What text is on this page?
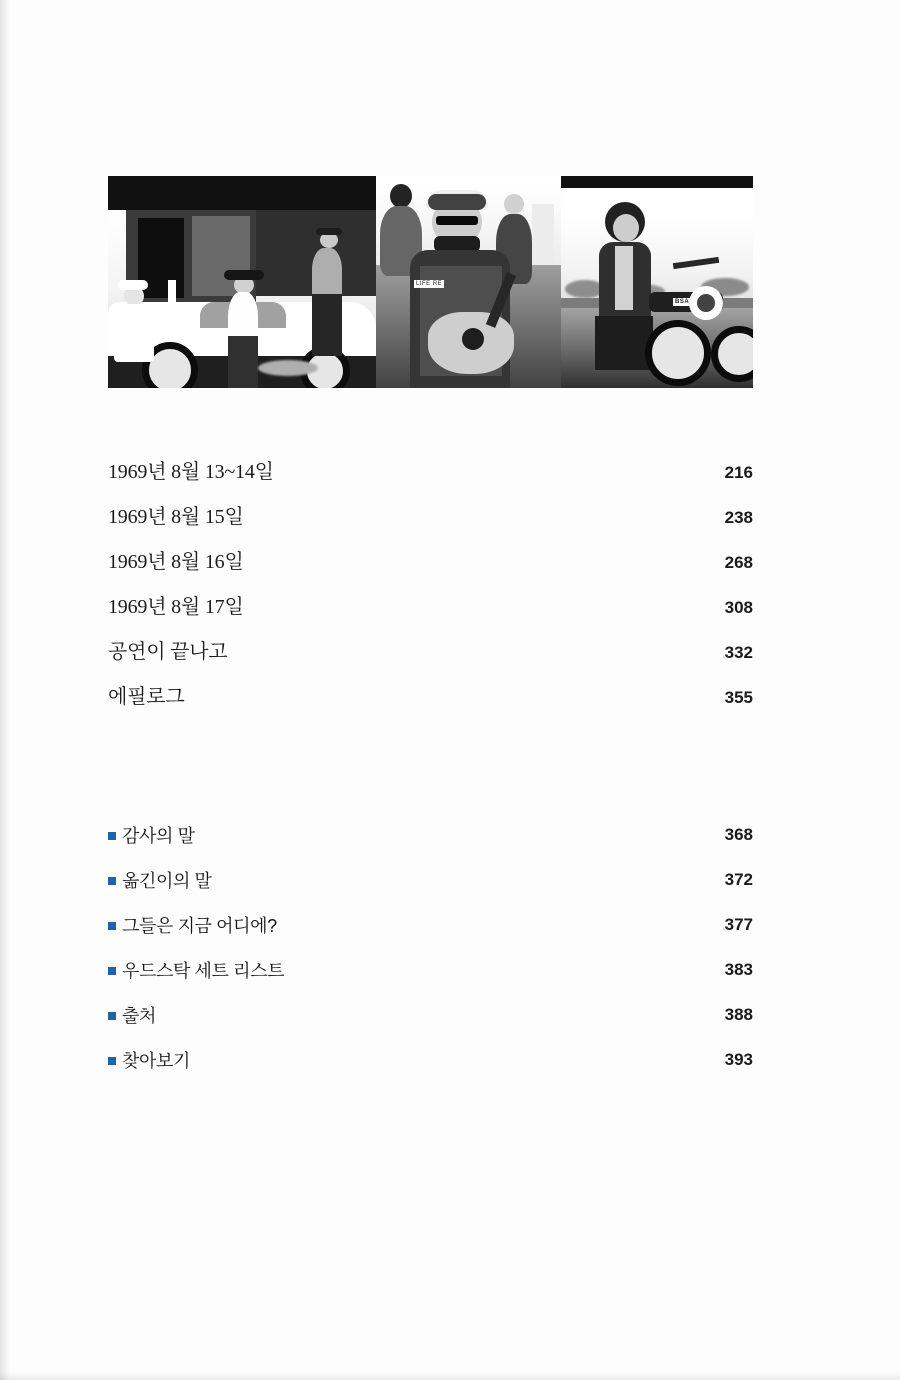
LIFE RE
BSA
1969년 8월 13~14일	216
1969년 8월 15일	238
1969년 8월 16일	268
1969년 8월 17일	308
공연이 끝나고	332
에필로그	355
감사의 말	368
옮긴이의 말	372
그들은 지금 어디에?	377
우드스탁 세트 리스트	383
출처	388
찾아보기	393
